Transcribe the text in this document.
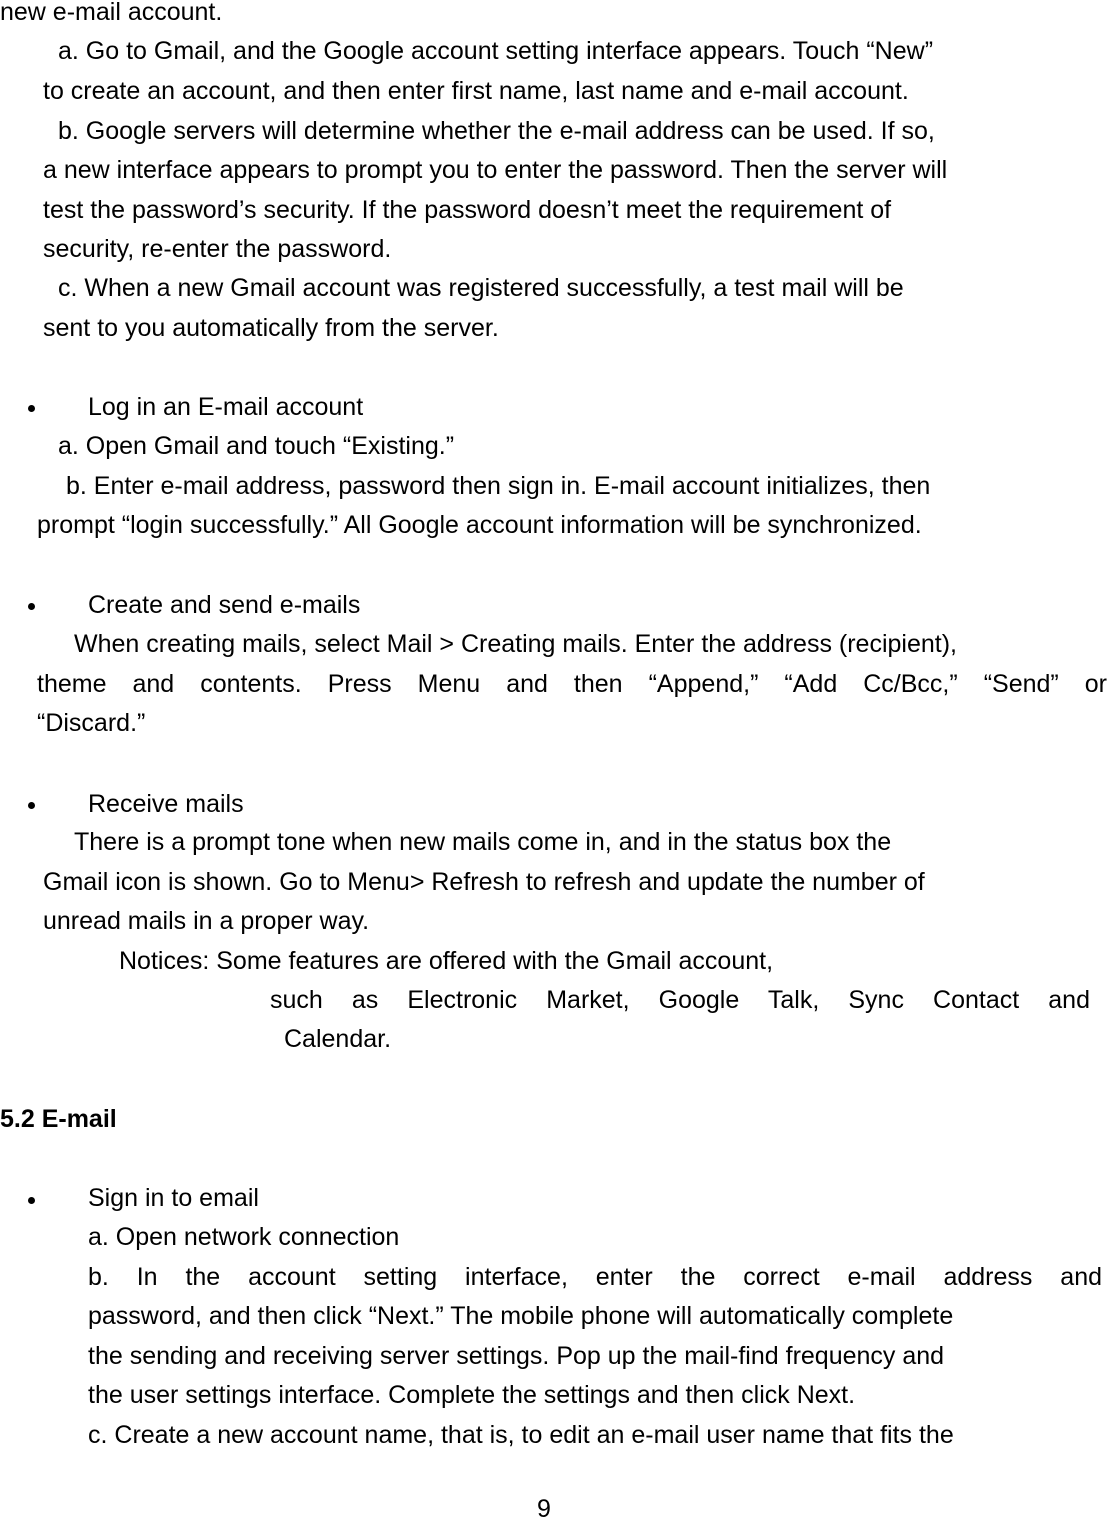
new e-mail account.

a. Go to Gmail, and the Google account setting interface appears. Touch “New”

to create an account, and then enter first name, last name and e-mail account.

b. Google servers will determine whether the e-mail address can be used. If so,

a new interface appears to prompt you to enter the password. Then the server will

test the password’s security. If the password doesn’t meet the requirement of

security, re-enter the password.

c. When a new Gmail account was registered successfully, a test mail will be

sent to you automatically from the server.

Log in an E-mail account

a. Open Gmail and touch “Existing.”

b. Enter e-mail address, password then sign in. E-mail account initializes, then

prompt “login successfully.” All Google account information will be synchronized.

Create and send e-mails

When creating mails, select Mail > Creating mails. Enter the address (recipient),

theme and contents. Press Menu and then “Append,” “Add Cc/Bcc,” “Send” or

“Discard.”

Receive mails

There is a prompt tone when new mails come in, and in the status box the

Gmail icon is shown. Go to Menu> Refresh to refresh and update the number of

unread mails in a proper way.

Notices: Some features are offered with the Gmail account,

such as Electronic Market, Google Talk, Sync Contact and

Calendar.

5.2 E-mail

Sign in to email

a. Open network connection

b. In the account setting interface, enter the correct e-mail address and

password, and then click “Next.” The mobile phone will automatically complete

the sending and receiving server settings. Pop up the mail-find frequency and

the user settings interface. Complete the settings and then click Next.

c. Create a new account name, that is, to edit an e-mail user name that fits the

9
